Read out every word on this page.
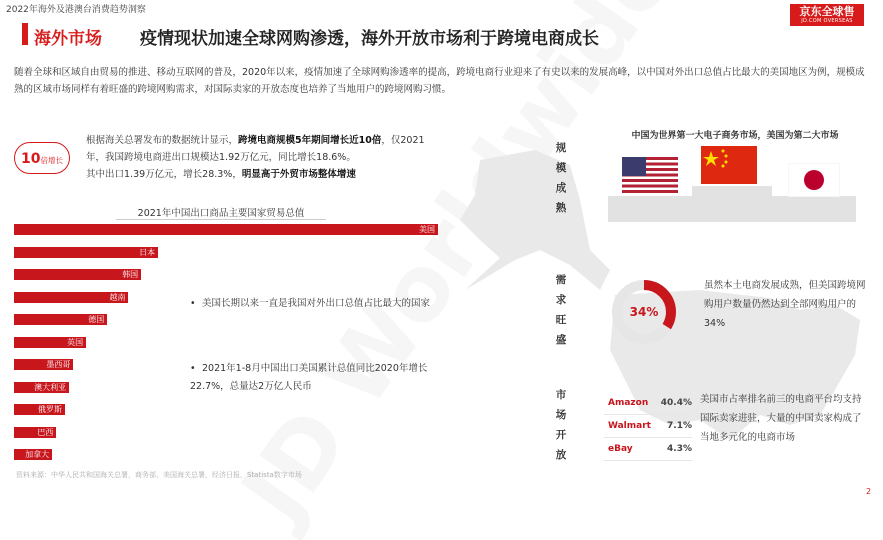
2022年海外及港澳台消费趋势洞察	京东全球售
JD.COM OVERSEAS
海外市场 疫情现状加速全球网购渗透，海外开放市场利于跨境电商成长
随着全球和区域自由贸易的推进、移动互联网的普及，2020年以来，疫情加速了全球网购渗透率的提高，跨境电商行业迎来了有史以来的发展高峰，以中国对外出口总值占比最大的美国地区为例，规模成熟的区域市场同样有着旺盛的跨境网购需求，对国际卖家的开放态度也培养了当地用户的跨境网购习惯。
10倍增长
根据海关总署发布的数据统计显示，跨境电商规模5年期间增长近10倍，仅2021年，我国跨境电商进出口规模达1.92万亿元，同比增长18.6%。
其中出口1.39万亿元，增长28.3%，明显高于外贸市场整体增速
2021年中国出口商品主要国家贸易总值
美国
日本
韩国
越南
德国
英国
墨西哥
澳大利亚
俄罗斯
巴西
加拿大
• 美国长期以来一直是我国对外出口总值占比最大的国家
• 2021年1-8月中国出口美国累计总值同比2020年增长22.7%，总量达2万亿人民币
资料来源：中华人民共和国海关总署，商务部，美国海关总署，经济日报，Statista数字市场
规模成熟
需求旺盛
市场开放
中国为世界第一大电子商务市场，美国为第二大市场
34%
虽然本土电商发展成熟，但美国跨境网购用户数量仍然达到全部网购用户的34%
Amazon 40.4%
Walmart 7.1%
eBay	4.3%
美国市占率排名前三的电商平台均支持国际卖家进驻，大量的中国卖家构成了当地多元化的电商市场
2
